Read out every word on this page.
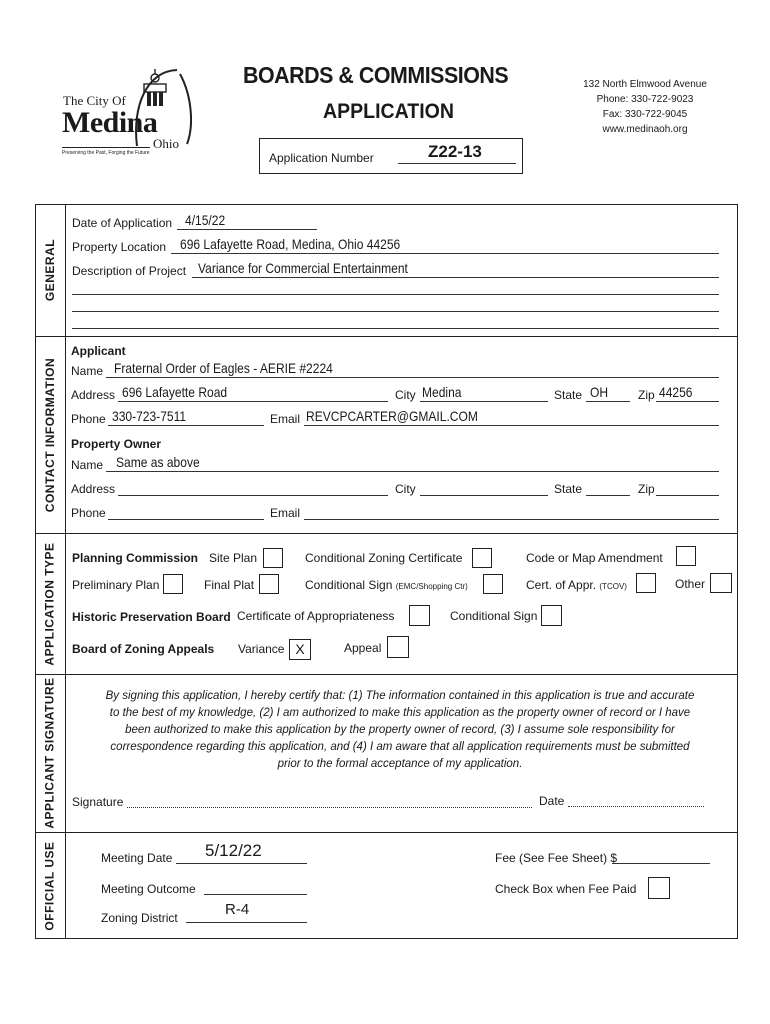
The City Of
Medina
Ohio
Preserving the Past, Forging the Future
BOARDS & COMMISSIONS
APPLICATION
Application Number	Z22-13
132 North Elmwood Avenue
Phone: 330-722-9023
Fax: 330-722-9045
www.medinaoh.org
GENERAL
CONTACT INFORMATION
APPLICATION TYPE
APPLICANT SIGNATURE
OFFICIAL USE
Date of Application 4/15/22
Property Location 696 Lafayette Road, Medina, Ohio 44256
Description of Project Variance for Commercial Entertainment
Applicant
Name Fraternal Order of Eagles - AERIE #2224
Address 696 Lafayette Road	City Medina	State OH Zip 44256
Phone 330-723-7511	Email REVCPCARTER@GMAIL.COM
Property Owner
Name Same as above
Address	City	State	Zip
Phone	Email
Planning Commission Site Plan	Conditional Zoning Certificate	Code or Map Amendment
Preliminary Plan	Final Plat	Conditional Sign (EMC/Shopping Ctr)	Cert. of Appr. (TCOV)	Other
Historic Preservation Board Certificate of Appropriateness	Conditional Sign
Board of Zoning Appeals Variance X	Appeal
By signing this application, I hereby certify that: (1) The information contained in this application is true and accurate
to the best of my knowledge, (2) I am authorized to make this application as the property owner of record or I have
been authorized to make this application by the property owner of record, (3) I assume sole responsibility for
correspondence regarding this application, and (4) I am aware that all application requirements must be submitted
prior to the formal acceptance of my application.
Signature	Date
Meeting Date 5/12/22
Meeting Outcome
Zoning District	R-4
Fee (See Fee Sheet) $
Check Box when Fee Paid
